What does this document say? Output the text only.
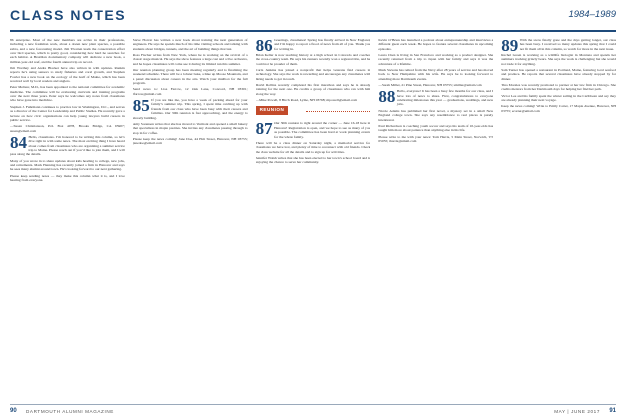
CLASS NOTES	1984–1989

86 enterprise. Most of the new members are active in their professions, including a new freshman work, about a dozen new plant species, a possible zebra, and a new forecasting model. Jim Tivarten leads the conservation effort over bird species, which is pretty good, considering how hard he searches for each habitat. A Brazilian documentary company will dedicate a new book, a million-year-old reef, and the fourth annual trip on record.

Jim Worthey and Andre Blacker have also written in with updates. Rankin reports he’s using sensors to study fisheries and coral growth, and Stephen Fowler has a new book on the ecology of the Gulf of Maine, which has been received well by local readers and anglers.

Peter Meltzer, M.D., has been appointed to the national committee for academic medicine. The committee will be evaluating curricula and training programs over the next three years. Peter says he welcomes any notes from classmates who have gone into medicine.

Stephen J. Fuhrmann continues to practice law in Washington, D.C., and serves as a director of the Center for Leadership and Public Studies. He recently gave a lecture on how civic organizations can help young lawyers build careers in public service.

—Susan Christianson, P.O. Box 4078, Brooks Bridge, CA 95907; susan@email.com

84 Hello, classmates. I’m honored to be writing this column, so let’s dive right in with some news. The most exciting thing I have heard about comes from classmates who are organizing a summer service trip to Maine. Please reach out if you’d like to join them, and I will pass along the details.

Many of you wrote in to share updates about kids heading to college, new jobs, and retirements. Mark Henning has recently joined a firm in Hanover and says he sees many alumni around town. He’s looking forward to our next gathering.

Please keep sending notes — they make this column what it is, and I love hearing from everyone.

Steve Horvat has written a new book about training the next generation of engineers. He says he spends much of his time visiting schools and talking with students about bridges, tunnels, and the art of building things that last.

Ross Fischer writes from New York, where he is working on the revival of a classic stage musical. He says the show features a large cast and a live orchestra, and he hopes classmates will come see it during its limited run this summer.

Our reunion planning group has been meeting regularly and is finalizing the weekend schedule. There will be a lobster bake, a hike up Moose Mountain, and a panel discussion about careers in the arts. Watch your mailbox for the full program.

Send news to: Lisa Farrow, 12 Oak Lane, Concord, NH 03301; lfarrow@email.com

85 If you are like me, you have a week of packing ahead for your family’s summer trip. This spring, I spent time catching up with friends from our class who have been busy with their careers and families. Our 30th reunion is fast approaching, and the energy is already building.

Amy Sorensen writes that she has moved to Vermont and opened a small bakery that specializes in maple pastries. She invites any classmates passing through to stop in for coffee.

Please keep the news coming! Jane Doe, 44 Elm Street, Hanover, NH 03755; janedoe@email.com

86 Greetings, classmates! Spring has finally arrived in New England, and I’m happy to report a flood of news from all of you. Thank you for writing in.

Brian Keller is now teaching history at a high school in Colorado and coaches the cross-country team. He says his runners recently won a regional title, and he could not be prouder of them.

Carla Jenkins has joined a nonprofit that helps veterans find careers in technology. She says the work is rewarding and encourages any classmates with hiring needs to get in touch.

David Rollins recently completed his first marathon and says he is already training for the next one. He credits a group of classmates who ran with him along the way.

—Mike Powell, 8 Birch Road, Lyme, NH 03768; mpowell@email.com

REUNION

87 Our 30th reunion is right around the corner — June 16-18 here in Hanover! Registration is open, and we hope to see as many of you as possible. The committee has been hard at work planning events for the whole family.

There will be a class dinner on Saturday night, a memorial service for classmates we have lost, and plenty of time to reconnect with old friends. Check the class website for all the details and to sign up for activities.

Jennifer Walsh writes that she has been elected to her town’s school board and is enjoying the chance to serve her community.

Kevin O’Brien has launched a podcast about entrepreneurship and interviews a different guest each week. He hopes to feature several classmates in upcoming episodes.

Laura Chen is living in San Francisco and working as a product designer. She recently returned from a trip to Japan with her family and says it was the adventure of a lifetime.

Mark Stevens has retired from the Navy after 28 years of service and has moved back to New Hampshire with his wife. He says he is looking forward to attending more Dartmouth events.

—Sarah Miller, 21 Pine Street, Hanover, NH 03755; smiller@email.com

88 Hello, everyone! It has been a busy few months for our class, and I have lots of news to share. First, congratulations to everyone celebrating milestones this year — graduations, weddings, and new jobs.

Nicole Adams has published her first novel, a mystery set in a small New England college town. She says any resemblance to real places is purely intentional.

Paul Richardson is coaching youth soccer and says his team of 10-year-olds has taught him more about patience than anything else in his life.

Please write to me with your news: Tom Harris, 5 Main Street, Norwich, VT 05055; tharris@email.com

89 With the snow finally gone and the days getting longer, our class has been busy. I received so many updates this spring that I could not fit them all in this column, so watch for more in the next issue.

Rachel Green is working as a wildlife biologist in Montana and spends her summers tracking grizzly bears. She says the work is challenging but she would not trade it for anything.

Sam Turner has opened a restaurant in Portland, Maine, featuring local seafood and produce. He reports that several classmates have already stopped by for dinner.

Tina Morales was recently promoted to partner at her law firm in Chicago. She credits mentors from her Dartmouth days for helping her find her path.

Victor Lee and his family spent the winter sailing in the Caribbean and say they are already planning their next voyage.

Keep the news coming! Write to Emily Carter, 17 Maple Avenue, Hanover, NH 03755; ecarter@email.com

90 DARTMOUTH ALUMNI MAGAZINE	MAY | JUNE 2017 91
